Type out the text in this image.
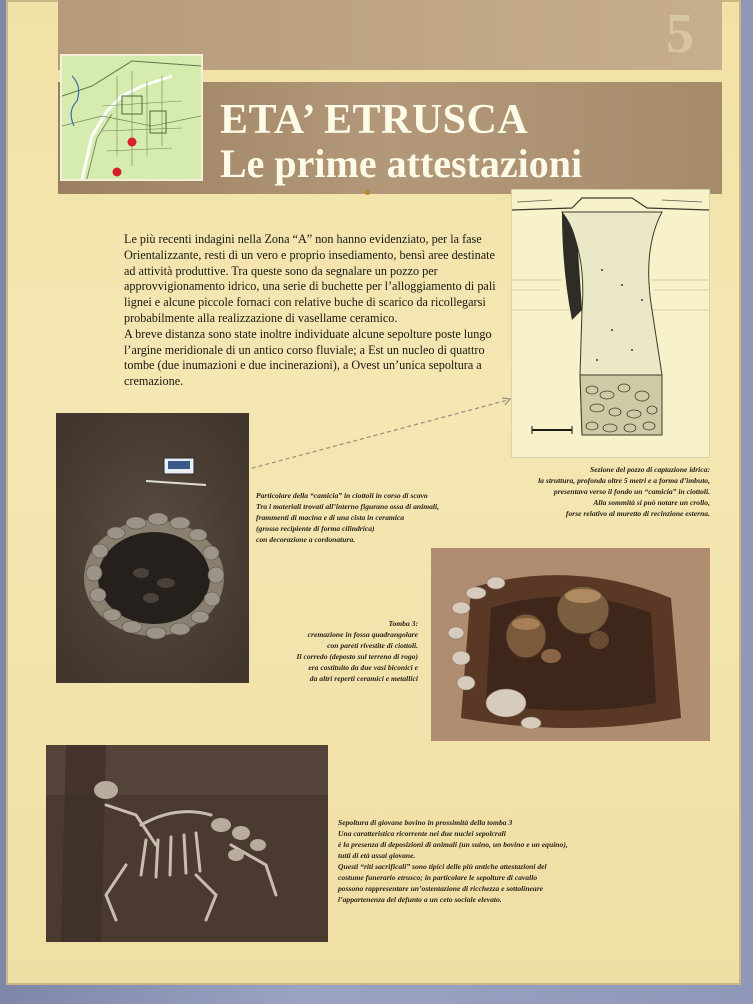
5
ETA’ ETRUSCA
Le prime attestazioni

Le più recenti indagini nella Zona “A” non hanno evidenziato, per la fase Orientalizzante, resti di un vero e proprio insediamento, bensì aree destinate ad attività produttive. Tra queste sono da segnalare un pozzo per approvvigionamento idrico, una serie di buchette per l’alloggiamento di pali lignei e alcune piccole fornaci con relative buche di scarico da ricollegarsi probabilmente alla realizzazione di vasellame ceramico.

A breve distanza sono state inoltre individuate alcune sepolture poste lungo l’argine meridionale di un antico corso fluviale; a Est un nucleo di quattro tombe (due inumazioni e due incinerazioni), a Ovest un’unica sepoltura a cremazione.

Sezione del pozzo di captazione idrica:
la struttura, profonda oltre 5 metri e a forma d’imbuto,
presentava verso il fondo un “camicia” in ciottoli.
Alla sommità si può notare un crollo,
forse relativo al muretto di recinzione esterna.
Particolare della “camicia” in ciottoli in corso di scavo
Tra i materiali trovati all’interno figurano ossa di animali,
frammenti di macina e di una cista in ceramica
(grosso recipiente di forma cilindrica)
con decorazione a cordonatura.
Tomba 3:
cremazione in fossa quadrangolare
con pareti rivestite di ciottoli.
Il corredo (deposto sul terreno di rogo)
era costituito da due vasi biconici e
da altri reperti ceramici e metallici
Sepoltura di giovane bovino in prossimità della tomba 3
Una caratteristica ricorrente nei due nuclei sepolcrali
è la presenza di deposizioni di animali (un suino, un bovino e un equino),
tutti di età assai giovane.
Questi “riti sacrificali” sono tipici delle più antiche attestazioni del
costume funerario etrusco; in particolare le sepolture di cavallo
possono rappresentare un’ostentazione di ricchezza e sottolineare
l’appartenenza del defunto a un ceto sociale elevato.
